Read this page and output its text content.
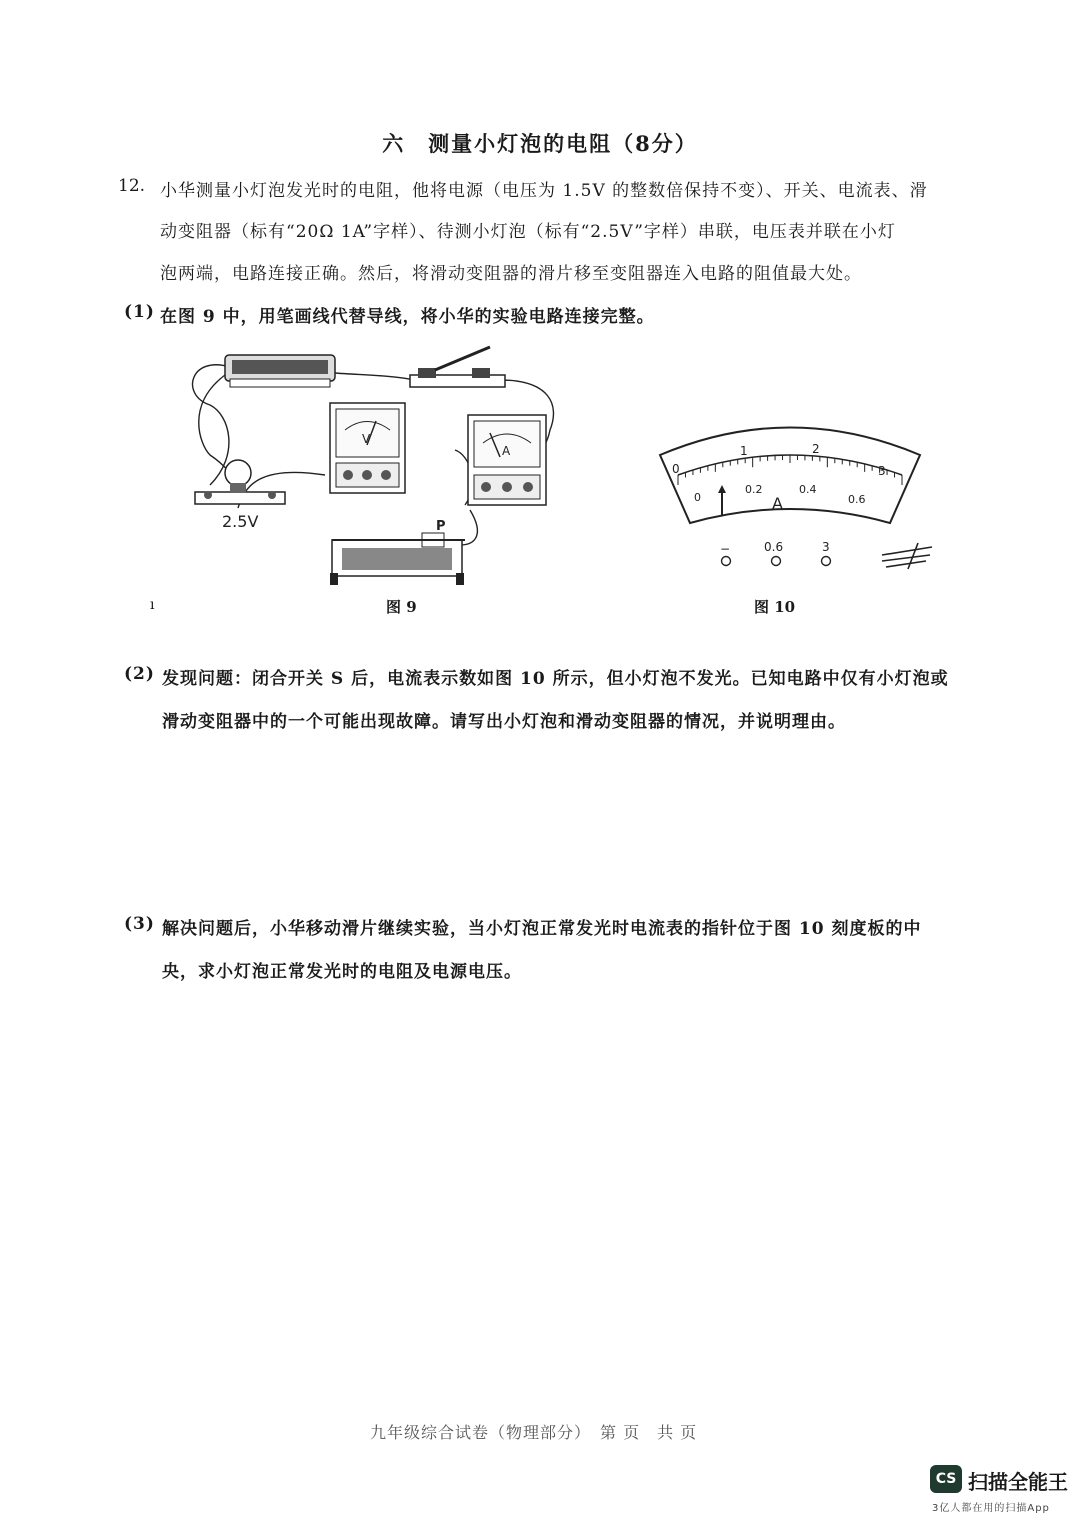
六　测量小灯泡的电阻（8分）
12. 小华测量小灯泡发光时的电阻，他将电源（电压为 1.5V 的整数倍保持不变）、开关、电流表、滑
动变阻器（标有“20Ω 1A”字样）、待测小灯泡（标有“2.5V”字样）串联，电压表并联在小灯
泡两端，电路连接正确。然后，将滑动变阻器的滑片移至变阻器连入电路的阻值最大处。
(1) 在图 9 中，用笔画线代替导线，将小华的实验电路连接完整。
V
A
2.5V	P
ı	图 9
0
1	2
3
0
0.2	0.4
0.6
A
−	0.6	3
图 10
(2) 发现问题：闭合开关 S 后，电流表示数如图 10 所示，但小灯泡不发光。已知电路中仅有小灯泡或
滑动变阻器中的一个可能出现故障。请写出小灯泡和滑动变阻器的情况，并说明理由。
(3) 解决问题后，小华移动滑片继续实验，当小灯泡正常发光时电流表的指针位于图 10 刻度板的中
央，求小灯泡正常发光时的电阻及电源电压。
九年级综合试卷（物理部分）　第 页　共 页
CS 扫描全能王
3亿人都在用的扫描App
